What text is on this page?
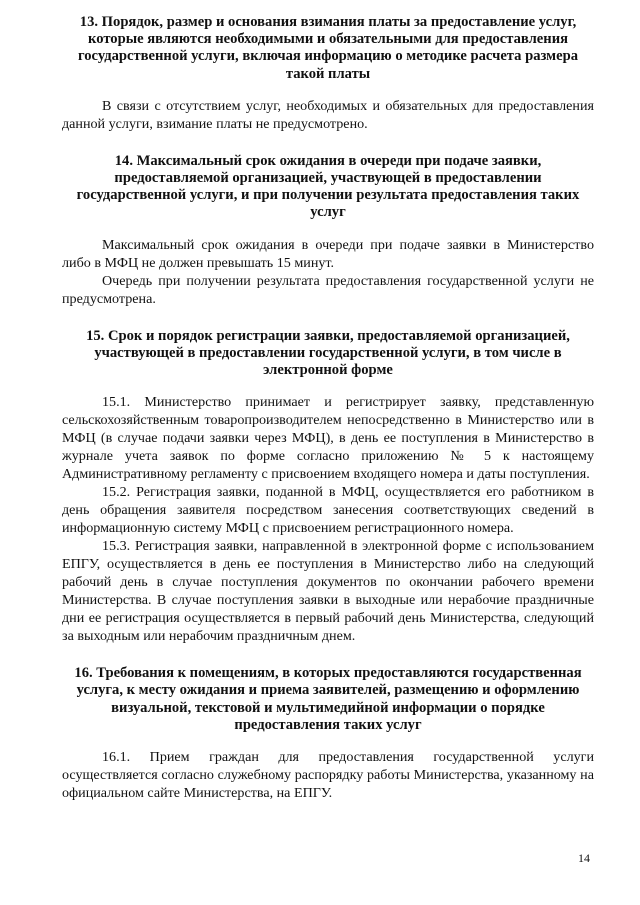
13. Порядок, размер и основания взимания платы за предоставление услуг, которые являются необходимыми и обязательными для предоставления государственной услуги, включая информацию о методике расчета размера такой платы

В связи с отсутствием услуг, необходимых и обязательных для предоставления данной услуги, взимание платы не предусмотрено.

14. Максимальный срок ожидания в очереди при подаче заявки, предоставляемой организацией, участвующей в предоставлении государственной услуги, и при получении результата предоставления таких услуг

Максимальный срок ожидания в очереди при подаче заявки в Министерство либо в МФЦ не должен превышать 15 минут.

Очередь при получении результата предоставления государственной услуги не предусмотрена.

15. Срок и порядок регистрации заявки, предоставляемой организацией, участвующей в предоставлении государственной услуги, в том числе в электронной форме

15.1. Министерство принимает и регистрирует заявку, представленную сельскохозяйственным товаропроизводителем непосредственно в Министерство или в МФЦ (в случае подачи заявки через МФЦ), в день ее поступления в Министерство в журнале учета заявок по форме согласно приложению № 5 к настоящему Административному регламенту с присвоением входящего номера и даты поступления.

15.2. Регистрация заявки, поданной в МФЦ, осуществляется его работником в день обращения заявителя посредством занесения соответствующих сведений в информационную систему МФЦ с присвоением регистрационного номера.

15.3. Регистрация заявки, направленной в электронной форме с использованием ЕПГУ, осуществляется в день ее поступления в Министерство либо на следующий рабочий день в случае поступления документов по окончании рабочего времени Министерства. В случае поступления заявки в выходные или нерабочие праздничные дни ее регистрация осуществляется в первый рабочий день Министерства, следующий за выходным или нерабочим праздничным днем.

16. Требования к помещениям, в которых предоставляются государственная услуга, к месту ожидания и приема заявителей, размещению и оформлению визуальной, текстовой и мультимедийной информации о порядке предоставления таких услуг

16.1. Прием граждан для предоставления государственной услуги осуществляется согласно служебному распорядку работы Министерства, указанному на официальном сайте Министерства, на ЕПГУ.

14
